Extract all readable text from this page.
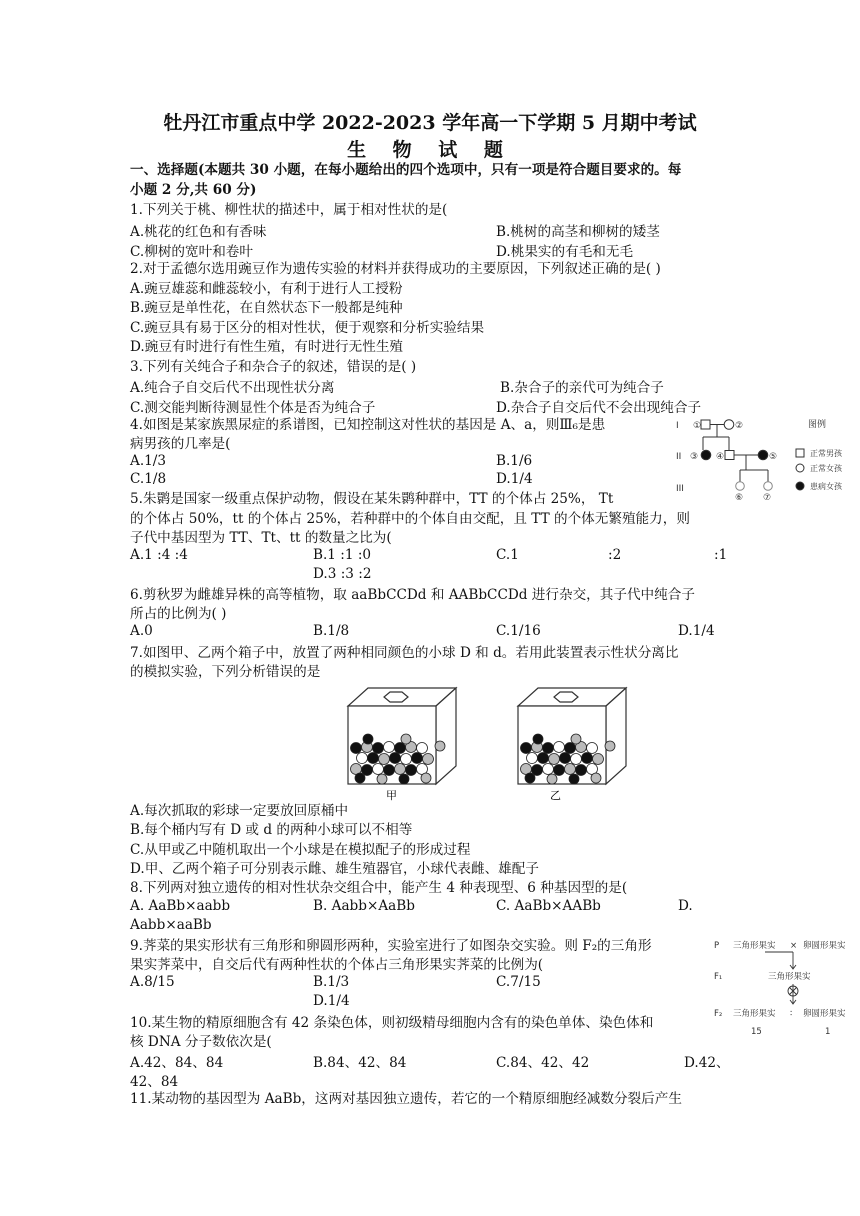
牡丹江市重点中学 2022-2023 学年高一下学期 5 月期中考试
生 物 试 题
一、选择题(本题共 30 小题，在每小题给出的四个选项中，只有一项是符合题目要求的。每
小题 2 分,共 60 分)
1.下列关于桃、柳性状的描述中，属于相对性状的是(
A.桃花的红色和有香味	B.桃树的高茎和柳树的矮茎
C.柳树的宽叶和卷叶	D.桃果实的有毛和无毛
2.对于孟德尔选用豌豆作为遗传实验的材料并获得成功的主要原因，下列叙述正确的是( )
A.豌豆雄蕊和雌蕊较小，有利于进行人工授粉
B.豌豆是单性花，在自然状态下一般都是纯种
C.豌豆具有易于区分的相对性状，便于观察和分析实验结果
D.豌豆有时进行有性生殖，有时进行无性生殖
3.下列有关纯合子和杂合子的叙述，错误的是( )
A.纯合子自交后代不出现性状分离	B.杂合子的亲代可为纯合子
C.测交能判断待测显性个体是否为纯合子	D.杂合子自交后代不会出现纯合子
4.如图是某家族黑尿症的系谱图，已知控制这对性状的基因是 A、a，则Ⅲ₆是患
病男孩的几率是(
A.1/3	B.1/6
C.1/8	D.1/4
I
II
III
①	②
③ ④	⑤
⑥ ⑦
图例
正常男孩
正常女孩
患病女孩
5.朱鹮是国家一级重点保护动物，假设在某朱鹮种群中，TT 的个体占 25%， Tt
的个体占 50%，tt 的个体占 25%，若种群中的个体自由交配，且 TT 的个体无繁殖能力，则
子代中基因型为 TT、Tt、tt 的数量之比为(
A.1 :4 :4	B.1 :1 :0	C.1	:2	:1
D.3 :3 :2
6.剪秋罗为雌雄异株的高等植物，取 aaBbCCDd 和 AABbCCDd 进行杂交，其子代中纯合子
所占的比例为( )
A.0	B.1/8	C.1/16	D.1/4
7.如图甲、乙两个箱子中，放置了两种相同颜色的小球 D 和 d。若用此装置表示性状分离比
的模拟实验，下列分析错误的是
甲	乙
A.每次抓取的彩球一定要放回原桶中
B.每个桶内写有 D 或 d 的两种小球可以不相等
C.从甲或乙中随机取出一个小球是在模拟配子的形成过程
D.甲、乙两个箱子可分别表示雌、雄生殖器官，小球代表雌、雄配子
8.下列两对独立遗传的相对性状杂交组合中，能产生 4 种表现型、6 种基因型的是(
A. AaBb×aabb	B. Aabb×AaBb	C. AaBb×AABb	D.
Aabb×aaBb
9.荠菜的果实形状有三角形和卵圆形两种，实验室进行了如图杂交实验。则 F₂的三角形
果实荠菜中，自交后代有两种性状的个体占三角形果实荠菜的比例为(
A.8/15	B.1/3	C.7/15
D.1/4
P 三角形果实 × 卵圆形果实
F₁	三角形果实
F₂ 三角形果实	卵圆形果实
15
∶
1
10.某生物的精原细胞含有 42 条染色体，则初级精母细胞内含有的染色单体、染色体和
核 DNA 分子数依次是(
A.42、84、84	B.84、42、84	C.84、42、42	D.42、
42、84
11.某动物的基因型为 AaBb，这两对基因独立遗传，若它的一个精原细胞经减数分裂后产生
